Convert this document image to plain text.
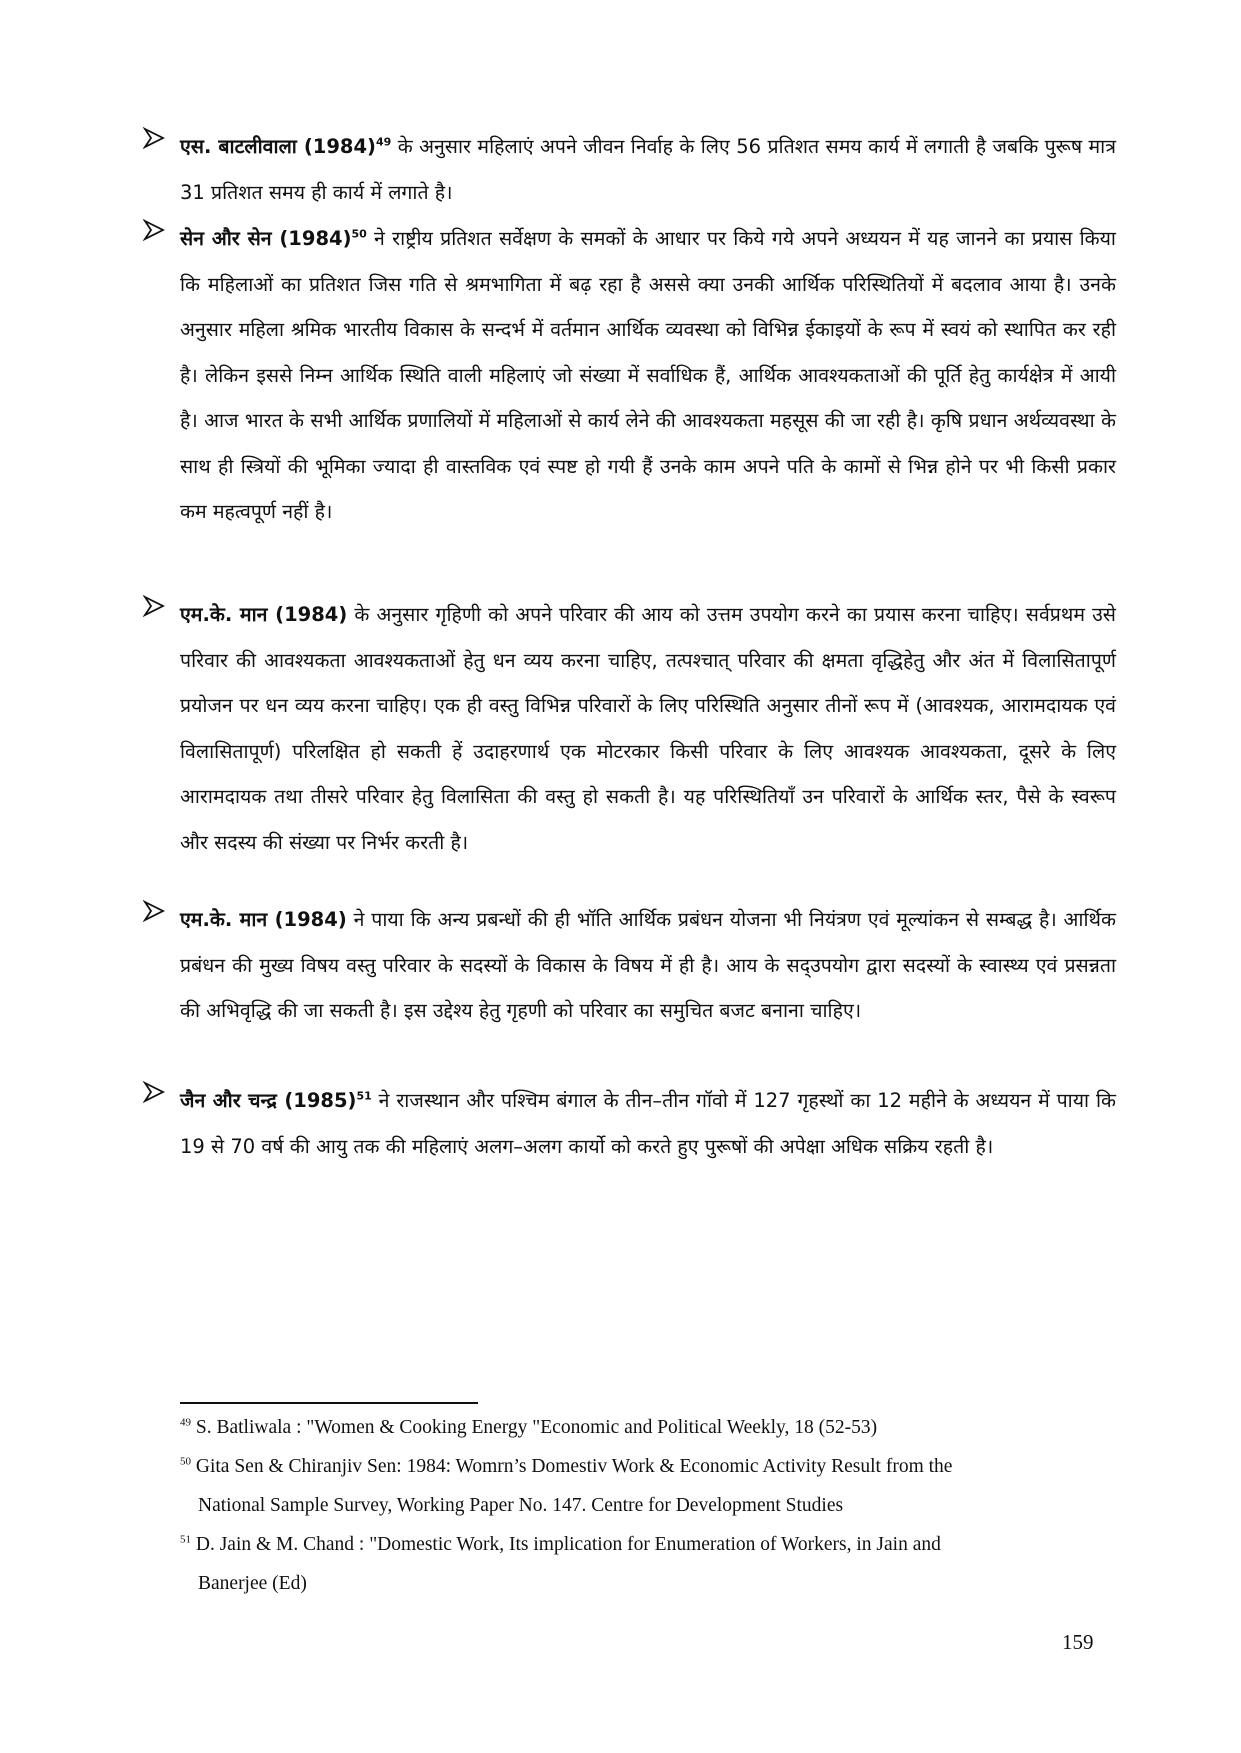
एस. बाटलीवाला $(1984)^{49}$ के अनुसार महिलाएं अपने जीवन निर्वाह के लिए 56 प्रतिशत समय कार्य में लगाती है जबकि पुरूष मात्र 31 प्रतिशत समय ही कार्य में लगाते है।

सेन और सेन $(1984)^{50}$ ने राष्ट्रीय प्रतिशत सर्वेक्षण के समकों के आधार पर किये गये अपने अध्ययन में यह जानने का प्रयास किया कि महिलाओं का प्रतिशत जिस गति से श्रमभागिता में बढ़ रहा है अससे क्या उनकी आर्थिक परिस्थितियों में बदलाव आया है। उनके अनुसार महिला श्रमिक भारतीय विकास के सन्दर्भ में वर्तमान आर्थिक व्यवस्था को विभिन्न ईकाइयों के रूप में स्वयं को स्थापित कर रही है। लेकिन इससे निम्न आर्थिक स्थिति वाली महिलाएं जो संख्या में सर्वाधिक हैं, आर्थिक आवश्यकताओं की पूर्ति हेतु कार्यक्षेत्र में आयी है। आज भारत के सभी आर्थिक प्रणालियों में महिलाओं से कार्य लेने की आवश्यकता महसूस की जा रही है। कृषि प्रधान अर्थव्यवस्था के साथ ही स्त्रियों की भूमिका ज्यादा ही वास्तविक एवं स्पष्ट हो गयी हैं उनके काम अपने पति के कामों से भिन्न होने पर भी किसी प्रकार कम महत्वपूर्ण नहीं है।

एम.के. मान (1984) के अनुसार गृहिणी को अपने परिवार की आय को उत्तम उपयोग करने का प्रयास करना चाहिए। सर्वप्रथम उसे परिवार की आवश्यकता आवश्यकताओं हेतु धन व्यय करना चाहिए, तत्पश्चात् परिवार की क्षमता वृद्धिहेतु और अंत में विलासितापूर्ण प्रयोजन पर धन व्यय करना चाहिए। एक ही वस्तु विभिन्न परिवारों के लिए परिस्थिति अनुसार तीनों रूप में (आवश्यक, आरामदायक एवं विलासितापूर्ण) परिलक्षित हो सकती हें उदाहरणार्थ एक मोटरकार किसी परिवार के लिए आवश्यक आवश्यकता, दूसरे के लिए आरामदायक तथा तीसरे परिवार हेतु विलासिता की वस्तु हो सकती है। यह परिस्थितियाँ उन परिवारों के आर्थिक स्तर, पैसे के स्वरूप और सदस्य की संख्या पर निर्भर करती है।

एम.के. मान (1984) ने पाया कि अन्य प्रबन्धों की ही भॉति आर्थिक प्रबंधन योजना भी नियंत्रण एवं मूल्यांकन से सम्बद्ध है। आर्थिक प्रबंधन की मुख्य विषय वस्तु परिवार के सदस्यों के विकास के विषय में ही है। आय के सद्उपयोग द्वारा सदस्यों के स्वास्थ्य एवं प्रसन्नता की अभिवृद्धि की जा सकती है। इस उद्देश्य हेतु गृहणी को परिवार का समुचित बजट बनाना चाहिए।

जैन और चन्द्र $(1985)^{51}$ ने राजस्थान और पश्चिम बंगाल के तीन–तीन गॉवो में 127 गृहस्थों का 12 महीने के अध्ययन में पाया कि 19 से 70 वर्ष की आयु तक की महिलाएं अलग–अलग कार्यो को करते हुए पुरूषों की अपेक्षा अधिक सक्रिय रहती है।

$^{49}$ S. Batliwala : "Women & Cooking Energy "Economic and Political Weekly, 18 (52-53)
$^{50}$ Gita Sen & Chiranjiv Sen: 1984: Womrn’s Domestiv Work & Economic Activity Result from the
National Sample Survey, Working Paper No. 147. Centre for Development Studies
$^{51}$ D. Jain & M. Chand : "Domestic Work, Its implication for Enumeration of Workers, in Jain and
Banerjee (Ed)
159
